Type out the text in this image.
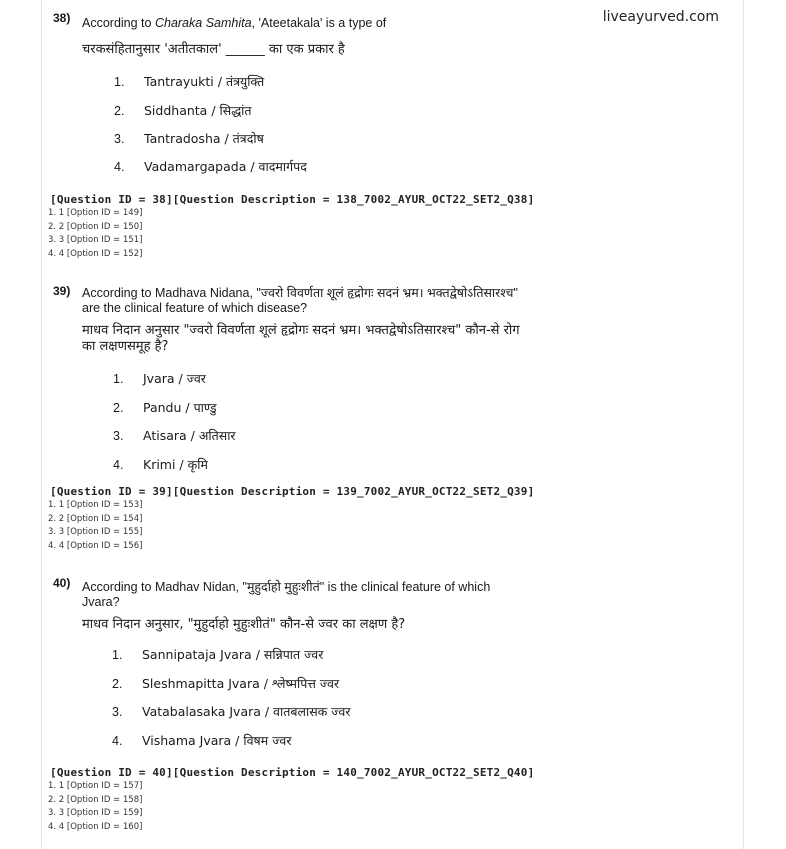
liveayurved.com
38) According to Charaka Samhita, 'Ateetakala' is a type of
चरकसंहितानुसार 'अतीतकाल' ______ का एक प्रकार है
1. Tantrayukti / तंत्रयुक्ति
2. Siddhanta / सिद्धांत
3. Tantradosha / तंत्रदोष
4. Vadamargapada / वादमार्गपद
[Question ID = 38][Question Description = 138_7002_AYUR_OCT22_SET2_Q38]
1. 1 [Option ID = 149]
2. 2 [Option ID = 150]
3. 3 [Option ID = 151]
4. 4 [Option ID = 152]
39) According to Madhava Nidana, "ज्वरो विवर्णता शूलं हृद्रोगः सदनं भ्रम। भक्तद्वेषोऽतिसारश्च"
are the clinical feature of which disease?
माधव निदान अनुसार "ज्वरो विवर्णता शूलं हृद्रोगः सदनं भ्रम। भक्तद्वेषोऽतिसारश्च" कौन-से रोग
का लक्षणसमूह है?
1. Jvara / ज्वर
2. Pandu / पाण्डु
3. Atisara / अतिसार
4. Krimi / कृमि
[Question ID = 39][Question Description = 139_7002_AYUR_OCT22_SET2_Q39]
1. 1 [Option ID = 153]
2. 2 [Option ID = 154]
3. 3 [Option ID = 155]
4. 4 [Option ID = 156]
40) According to Madhav Nidan, "मुहुर्दाहो मुहुःशीतं" is the clinical feature of which
Jvara?
माधव निदान अनुसार, "मुहुर्दाहो मुहुःशीतं" कौन-से ज्वर का लक्षण है?
1. Sannipataja Jvara / सन्निपात ज्वर
2. Sleshmapitta Jvara / श्लेष्मपित्त ज्वर
3. Vatabalasaka Jvara / वातबलासक ज्वर
4. Vishama Jvara / विषम ज्वर
[Question ID = 40][Question Description = 140_7002_AYUR_OCT22_SET2_Q40]
1. 1 [Option ID = 157]
2. 2 [Option ID = 158]
3. 3 [Option ID = 159]
4. 4 [Option ID = 160]
